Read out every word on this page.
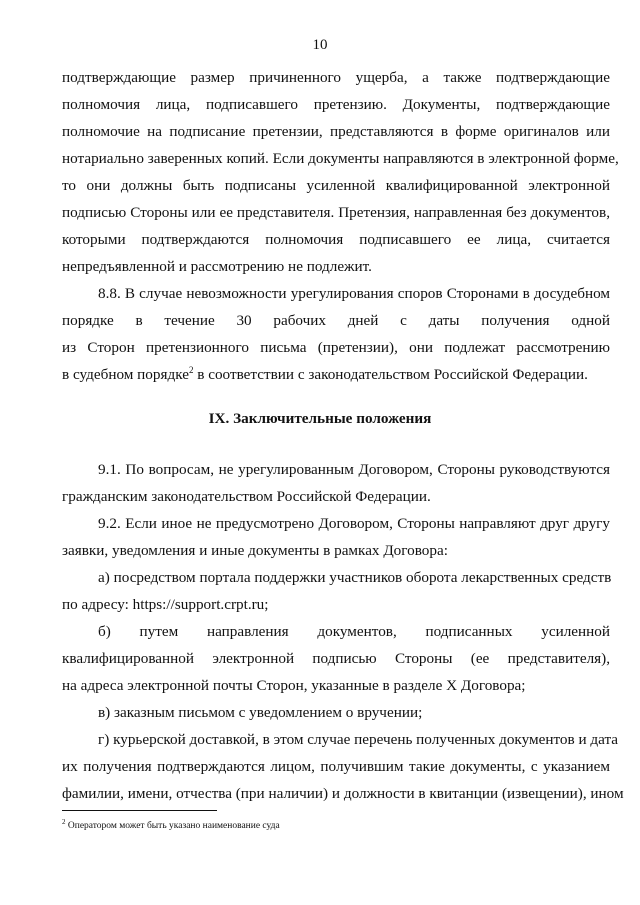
10
подтверждающие размер причиненного ущерба, а также подтверждающие
полномочия лица, подписавшего претензию. Документы, подтверждающие
полномочие на подписание претензии, представляются в форме оригиналов или
нотариально заверенных копий. Если документы направляются в электронной форме,
то они должны быть подписаны усиленной квалифицированной электронной
подписью Стороны или ее представителя. Претензия, направленная без документов,
которыми подтверждаются полномочия подписавшего ее лица, считается
непредъявленной и рассмотрению не подлежит.
8.8. В случае невозможности урегулирования споров Сторонами в досудебном
порядке в течение 30 рабочих дней с даты получения одной
из Сторон претензионного письма (претензии), они подлежат рассмотрению
в судебном порядке$^2$ в соответствии с законодательством Российской Федерации.
9.1. По вопросам, не урегулированным Договором, Стороны руководствуются
гражданским законодательством Российской Федерации.
9.2. Если иное не предусмотрено Договором, Стороны направляют друг другу
заявки, уведомления и иные документы в рамках Договора:
а) посредством портала поддержки участников оборота лекарственных средств
по адресу: https://support.crpt.ru;
б) путем направления документов, подписанных усиленной
квалифицированной электронной подписью Стороны (ее представителя),
на адреса электронной почты Сторон, указанные в разделе X Договора;
в) заказным письмом с уведомлением о вручении;
г) курьерской доставкой, в этом случае перечень полученных документов и дата
их получения подтверждаются лицом, получившим такие документы, с указанием
фамилии, имени, отчества (при наличии) и должности в квитанции (извещении), ином
IX. Заключительные положения
$^2$ Оператором может быть указано наименование суда
